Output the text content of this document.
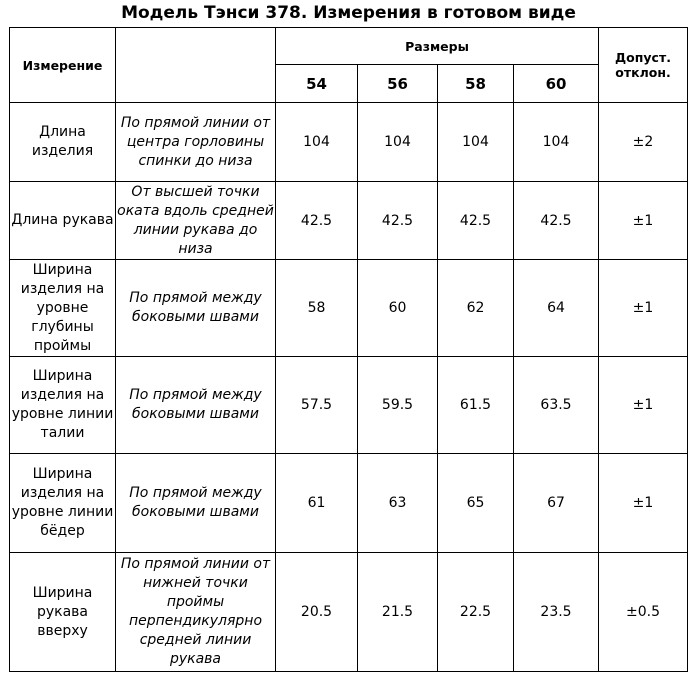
Модель Тэнси 378. Измерения в готовом виде
Измерение		Размеры				Допуст. отклон.
		54	56	58	60	
Длина изделия	По прямой линии от центра горловины спинки до низа	104	104	104	104	±2
Длина рукава	От высшей точки оката вдоль средней линии рукава до низа	42.5	42.5	42.5	42.5	±1
Ширина изделия на уровне глубины проймы	По прямой между боковыми швами	58	60	62	64	±1
Ширина изделия на уровне линии талии	По прямой между боковыми швами	57.5	59.5	61.5	63.5	±1
Ширина изделия на уровне линии бёдер	По прямой между боковыми швами	61	63	65	67	±1
Ширина рукава вверху	По прямой линии от нижней точки проймы перпендикулярно средней линии рукава	20.5	21.5	22.5	23.5	±0.5
